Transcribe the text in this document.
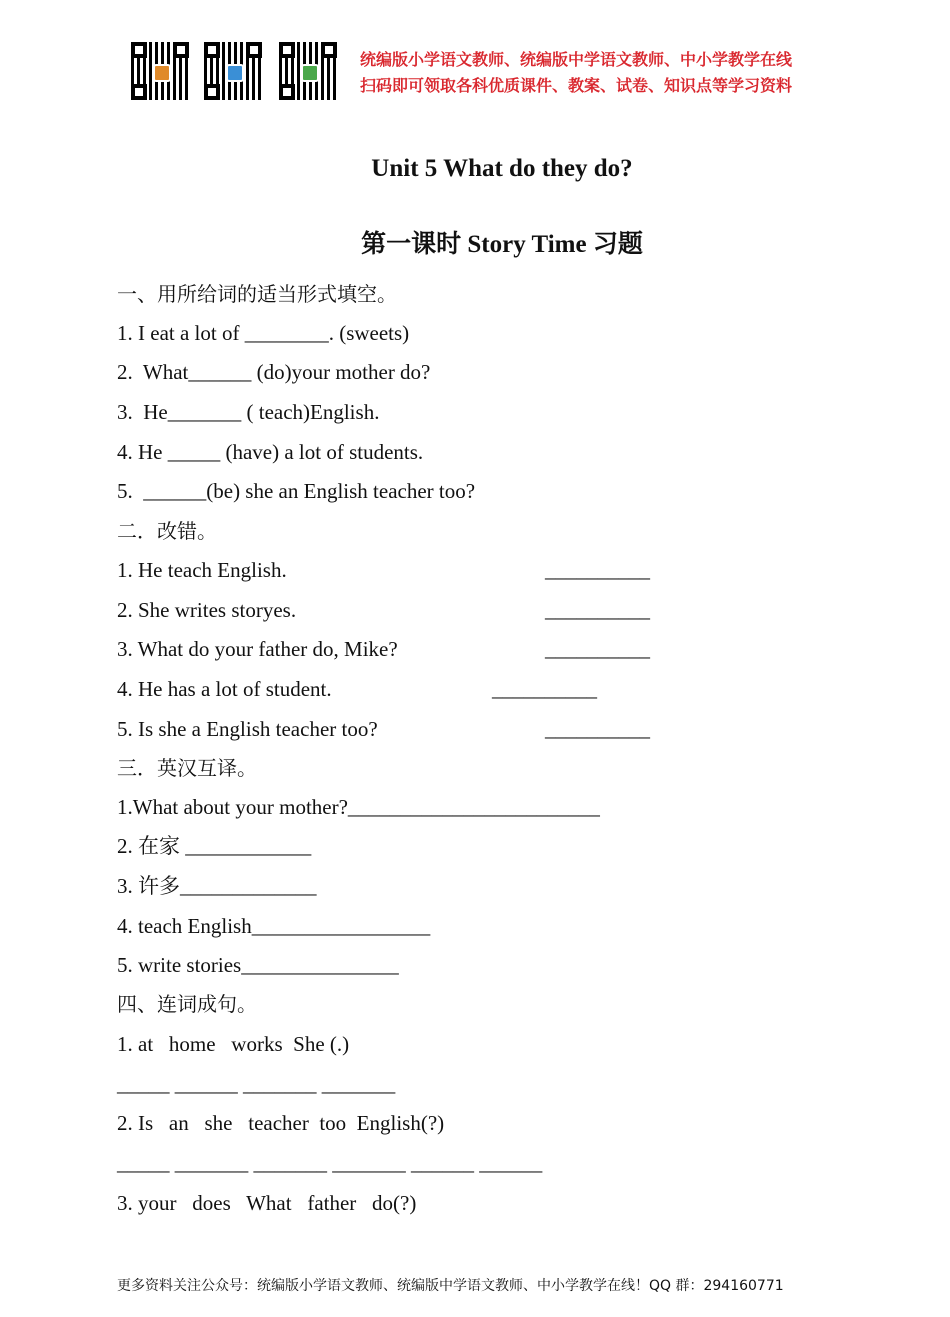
统编版小学语文教师、统编版中学语文教师、中小学教学在线
扫码即可领取各科优质课件、教案、试卷、知识点等学习资料
Unit 5 What do they do?
第一课时 Story Time 习题
一、用所给词的适当形式填空。
1. I eat a lot of ________. (sweets)
2.  What______ (do)your mother do?
3.  He_______ ( teach)English.
4. He _____ (have) a lot of students.
5.  ______(be) she an English teacher too?
二．改错。
1. He teach English.	__________
2. She writes storyes.	__________
3. What do your father do, Mike?	__________
4. He has a lot of student.	__________
5. Is she a English teacher too?	__________
三．英汉互译。
1.What about your mother?________________________
2. 在家 ____________
3. 许多_____________
4. teach English_________________
5. write stories_______________
四、连词成句。
1. at   home   works  She (.)
_____ ______ _______ _______
2. Is   an   she   teacher  too  English(?)
_____ _______ _______ _______ ______ ______
3. your   does   What   father   do(?)
更多资料关注公众号：统编版小学语文教师、统编版中学语文教师、中小学教学在线！QQ 群：294160771
